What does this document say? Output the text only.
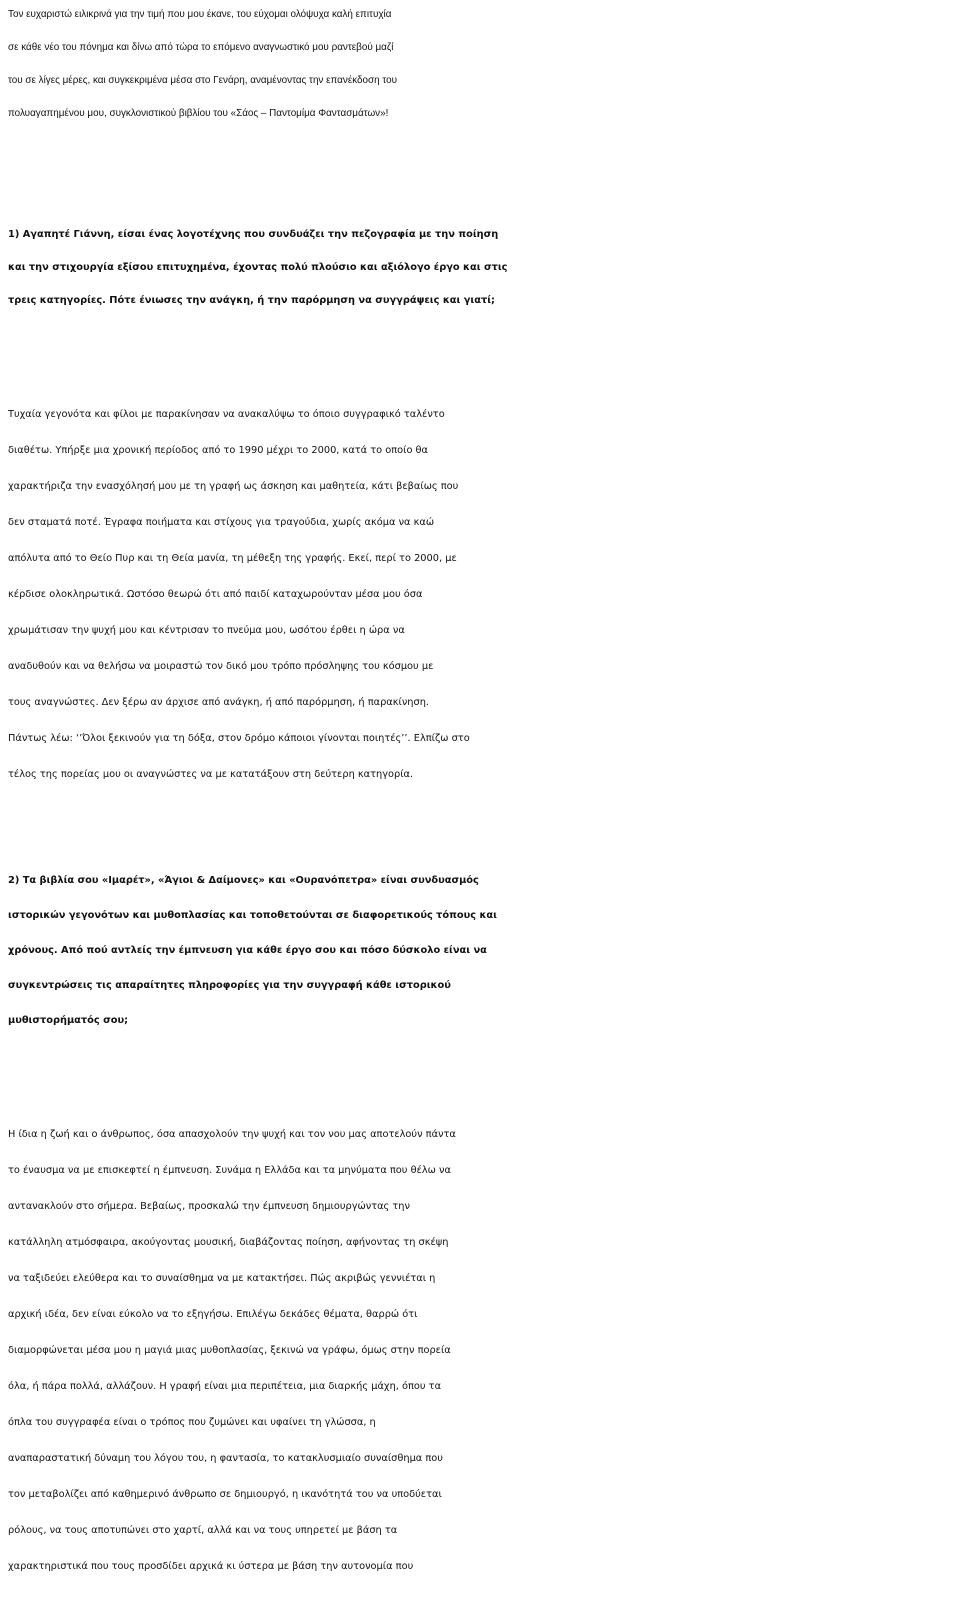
Τον ευχαριστώ ειλικρινά για την τιμή που μου έκανε, του εύχομαι ολόψυχα καλή επιτυχία
σε κάθε νέο του πόνημα και δίνω από τώρα το επόμενο αναγνωστικό μου ραντεβού μαζί
του σε λίγες μέρες, και συγκεκριμένα μέσα στο Γενάρη, αναμένοντας την επανέκδοση του
πολυαγαπημένου μου, συγκλονιστικού βιβλίου του «Σάος – Παντομίμα Φαντασμάτων»!
1) Αγαπητέ Γιάννη, είσαι ένας λογοτέχνης που συνδυάζει την πεζογραφία με την ποίηση
και την στιχουργία εξίσου επιτυχημένα, έχοντας πολύ πλούσιο και αξιόλογο έργο και στις
τρεις κατηγορίες. Πότε ένιωσες την ανάγκη, ή την παρόρμηση να συγγράψεις και γιατί;
Τυχαία γεγονότα και φίλοι με παρακίνησαν να ανακαλύψω το όποιο συγγραφικό ταλέντο
διαθέτω. Υπήρξε μια χρονική περίοδος από το 1990 μέχρι το 2000, κατά το οποίο θα
χαρακτήριζα την ενασχόλησή μου με τη γραφή ως άσκηση και μαθητεία, κάτι βεβαίως που
δεν σταματά ποτέ. Έγραφα ποιήματα και στίχους για τραγούδια, χωρίς ακόμα να καώ
απόλυτα από το Θείο Πυρ και τη Θεία μανία, τη μέθεξη της γραφής. Εκεί, περί το 2000, με
κέρδισε ολοκληρωτικά. Ωστόσο θεωρώ ότι από παιδί καταχωρούνταν μέσα μου όσα
χρωμάτισαν την ψυχή μου και κέντρισαν το πνεύμα μου, ωσότου έρθει η ώρα να
αναδυθούν και να θελήσω να μοιραστώ τον δικό μου τρόπο πρόσληψης του κόσμου με
τους αναγνώστες. Δεν ξέρω αν άρχισε από ανάγκη, ή από παρόρμηση, ή παρακίνηση.
Πάντως λέω: ‘’Όλοι ξεκινούν για τη δόξα, στον δρόμο κάποιοι γίνονται ποιητές’’. Ελπίζω στο
τέλος της πορείας μου οι αναγνώστες να με κατατάξουν στη δεύτερη κατηγορία.
2) Τα βιβλία σου «Ιμαρέτ», «Άγιοι & Δαίμονες» και «Ουρανόπετρα» είναι συνδυασμός
ιστορικών γεγονότων και μυθοπλασίας και τοποθετούνται σε διαφορετικούς τόπους και
χρόνους. Από πού αντλείς την έμπνευση για κάθε έργο σου και πόσο δύσκολο είναι να
συγκεντρώσεις τις απαραίτητες πληροφορίες για την συγγραφή κάθε ιστορικού
μυθιστορήματός σου;
Η ίδια η ζωή και ο άνθρωπος, όσα απασχολούν την ψυχή και τον νου μας αποτελούν πάντα
το έναυσμα να με επισκεφτεί η έμπνευση. Συνάμα η Ελλάδα και τα μηνύματα που θέλω να
αντανακλούν στο σήμερα. Βεβαίως, προσκαλώ την έμπνευση δημιουργώντας την
κατάλληλη ατμόσφαιρα, ακούγοντας μουσική, διαβάζοντας ποίηση, αφήνοντας τη σκέψη
να ταξιδεύει ελεύθερα και το συναίσθημα να με κατακτήσει. Πώς ακριβώς γεννιέται η
αρχική ιδέα, δεν είναι εύκολο να το εξηγήσω. Επιλέγω δεκάδες θέματα, θαρρώ ότι
διαμορφώνεται μέσα μου η μαγιά μιας μυθοπλασίας, ξεκινώ να γράφω, όμως στην πορεία
όλα, ή πάρα πολλά, αλλάζουν. Η γραφή είναι μια περιπέτεια, μια διαρκής μάχη, όπου τα
όπλα του συγγραφέα είναι ο τρόπος που ζυμώνει και υφαίνει τη γλώσσα, η
αναπαραστατική δύναμη του λόγου του, η φαντασία, το κατακλυσμιαίο συναίσθημα που
τον μεταβολίζει από καθημερινό άνθρωπο σε δημιουργό, η ικανότητά του να υποδύεται
ρόλους, να τους αποτυπώνει στο χαρτί, αλλά και να τους υπηρετεί με βάση τα
χαρακτηριστικά που τους προσδίδει αρχικά κι ύστερα με βάση την αυτονομία που
